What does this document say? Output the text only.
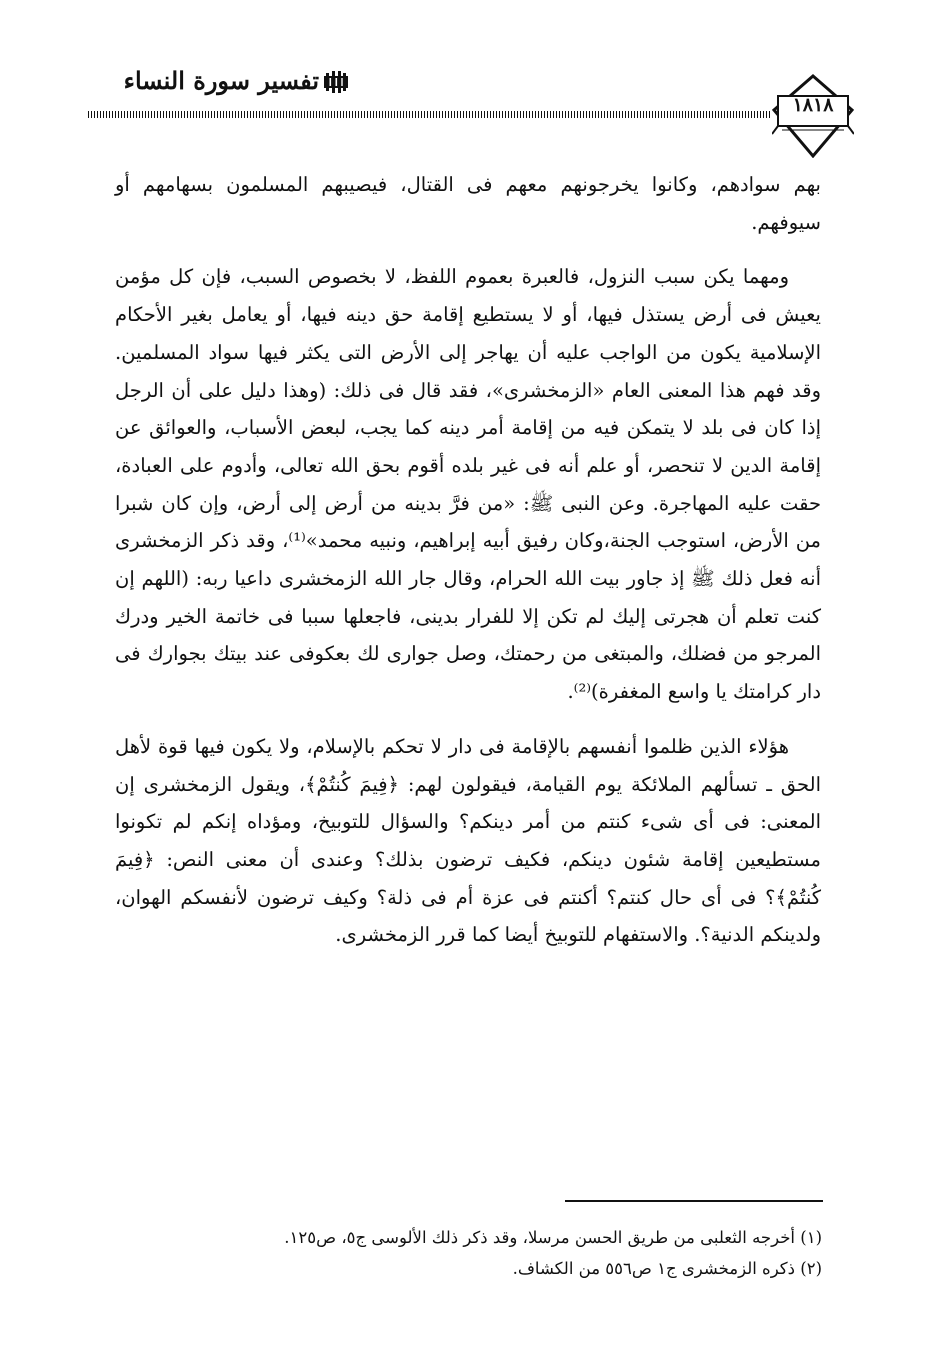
تفسير سورة النساء
١٨١٨

بهم سوادهم، وكانوا يخرجونهم معهم فى القتال، فيصيبهم المسلمون بسهامهم أو سيوفهم.

ومهما يكن سبب النزول، فالعبرة بعموم اللفظ، لا بخصوص السبب، فإن كل مؤمن يعيش فى أرض يستذل فيها، أو لا يستطيع إقامة حق دينه فيها، أو يعامل بغير الأحكام الإسلامية يكون من الواجب عليه أن يهاجر إلى الأرض التى يكثر فيها سواد المسلمين. وقد فهم هذا المعنى العام «الزمخشرى»، فقد قال فى ذلك: (وهذا دليل على أن الرجل إذا كان فى بلد لا يتمكن فيه من إقامة أمر دينه كما يجب، لبعض الأسباب، والعوائق عن إقامة الدين لا تنحصر، أو علم أنه فى غير بلده أقوم بحق الله تعالى، وأدوم على العبادة، حقت عليه المهاجرة. وعن النبى ﷺ: «من فرَّ بدينه من أرض إلى أرض، وإن كان شبرا من الأرض، استوجب الجنة،وكان رفيق أبيه إبراهيم، ونبيه محمد»⁽¹⁾، وقد ذكر الزمخشرى أنه فعل ذلك ﷺ إذ جاور بيت الله الحرام، وقال جار الله الزمخشرى داعيا ربه: (اللهم إن كنت تعلم أن هجرتى إليك لم تكن إلا للفرار بدينى، فاجعلها سببا فى خاتمة الخير ودرك المرجو من فضلك، والمبتغى من رحمتك، وصل جوارى لك بعكوفى عند بيتك بجوارك فى دار كرامتك يا واسع المغفرة)⁽²⁾.

هؤلاء الذين ظلموا أنفسهم بالإقامة فى دار لا تحكم بالإسلام، ولا يكون فيها قوة لأهل الحق ـ تسألهم الملائكة يوم القيامة، فيقولون لهم: ﴿فِيمَ كُنتُمْ﴾، ويقول الزمخشرى إن المعنى: فى أى شىء كنتم من أمر دينكم؟ والسؤال للتوبيخ، ومؤداه إنكم لم تكونوا مستطيعين إقامة شئون دينكم، فكيف ترضون بذلك؟ وعندى أن معنى النص: ﴿فِيمَ كُنتُمْ﴾؟ فى أى حال كنتم؟ أكنتم فى عزة أم فى ذلة؟ وكيف ترضون لأنفسكم الهوان، ولدينكم الدنية؟. والاستفهام للتوبيخ أيضا كما قرر الزمخشرى.

(١) أخرجه الثعلبى من طريق الحسن مرسلا، وقد ذكر ذلك الألوسى ج٥، ص١٢٥.
(٢) ذكره الزمخشرى ج١ ص٥٥٦ من الكشاف.
